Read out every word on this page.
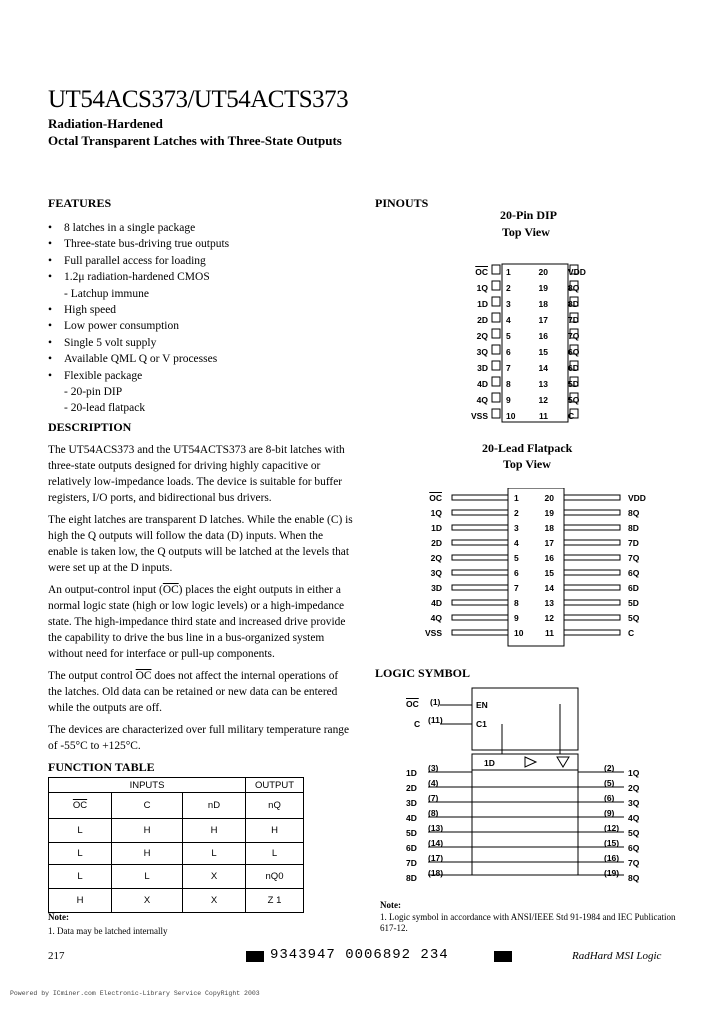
UT54ACS373/UT54ACTS373
Radiation-Hardened
Octal Transparent Latches with Three-State Outputs
FEATURES
• 8 latches in a single package
• Three-state bus-driving true outputs
• Full parallel access for loading
• 1.2μ radiation-hardened CMOS
- Latchup immune
• High speed
• Low power consumption
• Single 5 volt supply
• Available QML Q or V processes
• Flexible package
- 20-pin DIP
- 20-lead flatpack
DESCRIPTION

The UT54ACS373 and the UT54ACTS373 are 8-bit latches with three-state outputs designed for driving highly capacitive or relatively low-impedance loads. The device is suitable for buffer registers, I/O ports, and bidirectional bus drivers.

The eight latches are transparent D latches. While the enable (C) is high the Q outputs will follow the data (D) inputs. When the enable is taken low, the Q outputs will be latched at the levels that were set up at the D inputs.

An output-control input $(\overline{OC})$ places the eight outputs in either a normal logic state (high or low logic levels) or a high-impedance state. The high-impedance third state and increased drive provide the capability to drive the bus line in a bus-organized system without need for interface or pull-up components.

The output control $\overline{OC}$ does not affect the internal operations of the latches. Old data can be retained or new data can be entered while the outputs are off.

The devices are characterized over full military temperature range of -55°C to +125°C.

FUNCTION TABLE
INPUTS			OUTPUT
$\overline{OC}$	C	nD	nQ
L	H	H	H
L	H	L	L
L	L	X	nQ0
H	X	X	Z 1
Note:
1. Data may be latched internally
PINOUTS
20-Pin DIP
Top View
$\overline{OC}$
1Q
1D
2D
2Q
3Q
3D
4D
4Q
VSS
1
2
3
4
5
6
7
8
9
10
20
19
18
17
16
15
14
13
12
11
VDD
8Q
8D
7D
7Q
6Q
6D
5D
5Q
C
20-Lead Flatpack
Top View
$\overline{OC}$
1Q
1D
2D
2Q
3Q
3D
4D
4Q
VSS
1
2
3
4
5
6
7
8
9
10
20
19
18
17
16
15
14
13
12
11
VDD
8Q
8D
7D
7Q
6Q
6D
5D
5Q
C
LOGIC SYMBOL
$\overline{OC}$ (1)	EN
C (11)	C1
1D
1D
2D
3D
4D
5D
6D
7D
8D
(3)
(4)
(7)
(8)
(13)
(14)
(17)
(18)
(2)
(5)
(6)
(9)
(12)
(15)
(16)
(19)
1Q
2Q
3Q
4Q
5Q
6Q
7Q
8Q
Note:
1. Logic symbol in accordance with ANSI/IEEE Std 91-1984 and IEC Publication 617-12.
217	9343947 0006892 234	RadHard MSI Logic
Powered by ICminer.com Electronic-Library Service CopyRight 2003
